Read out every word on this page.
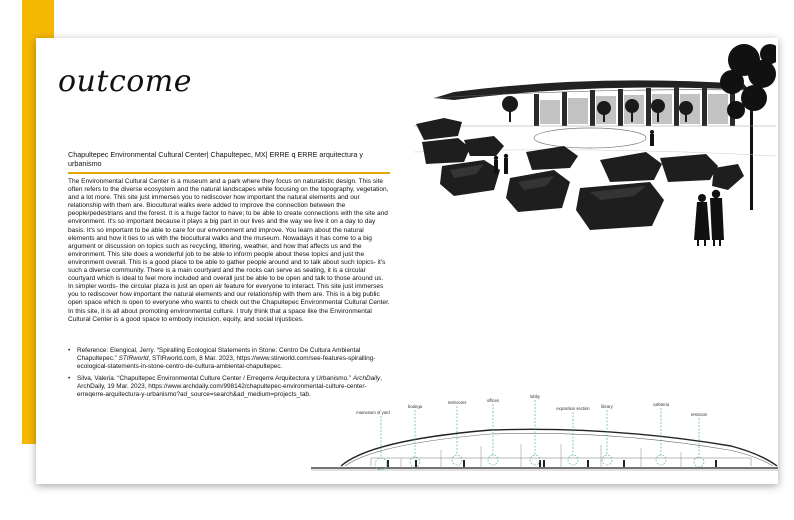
outcome
Chapultepec Environmental Cultural Center| Chapultepec, MX| ERRE q ERRE arquitectura y urbanismo

The Environmental Cultural Center is a museum and a park where they focus on naturalistic design. This site often refers to the diverse ecosystem and the natural landscapes while focusing on the topography, vegetation, and a lot more. This site just immerses you to rediscover how important the natural elements and our relationship with them are. Biocultural walks were added to improve the connection between the people/pedestrians and the forest. It is a huge factor to have; to be able to create connections with the site and environment. It's so important because it plays a big part in our lives and the way we live it on a day to day basis. It's so important to be able to care for our environment and improve. You learn about the natural elements and how it ties to us with the biocultural walks and the museum. Nowadays it has come to a big argument or discussion on topics such as recycling, littering, weather, and how that affects us and the environment. This site does a wonderful job to be able to inform people about these topics and just the environment overall. This is a good place to be able to gather people around and to talk about such topics- it's such a diverse community. There is a main courtyard and the rocks can serve as seating, it is a circular courtyard which is ideal to feel more included and overall just be able to be open and talk to those around us. In simpler words- the circular plaza is just an open air feature for everyone to interact. This site just immerses you to rediscover how important the natural elements and our relationship with them are. This is a big public open space which is open to everyone who wants to check out the Chapultepec Environmental Cultural Center. In this site, it is all about promoting environmental culture. I truly think that a space like the Environmental Cultural Center is a good space to embody inclusion, equity, and social injustices.

• Reference: Elengical, Jerry. “Spiralling Ecological Statements in Stone: Centro De Cultura Ambiental Chapultepec.” STIRworld, STIRworld.com, 8 Mar. 2023, https://www.stirworld.com/see-features-spiralling-ecological-statements-in-stone-centro-de-cultura-ambiental-chapultepec.
• Silva, Valeria. “Chapultepec Environmental Culture Center / Erreqerre Arquitectura y Urbanismo.” ArchDaily, ArchDaily, 19 Mar. 2023, https://www.archdaily.com/998142/chapultepec-environmental-culture-center-erreqerre-arquitectura-y-urbanismo?ad_source=search&ad_medium=projects_tab.
mamesum of yard
bodega
restrooms	offices
lobby
exposition section	library	cafeteria
restroom
